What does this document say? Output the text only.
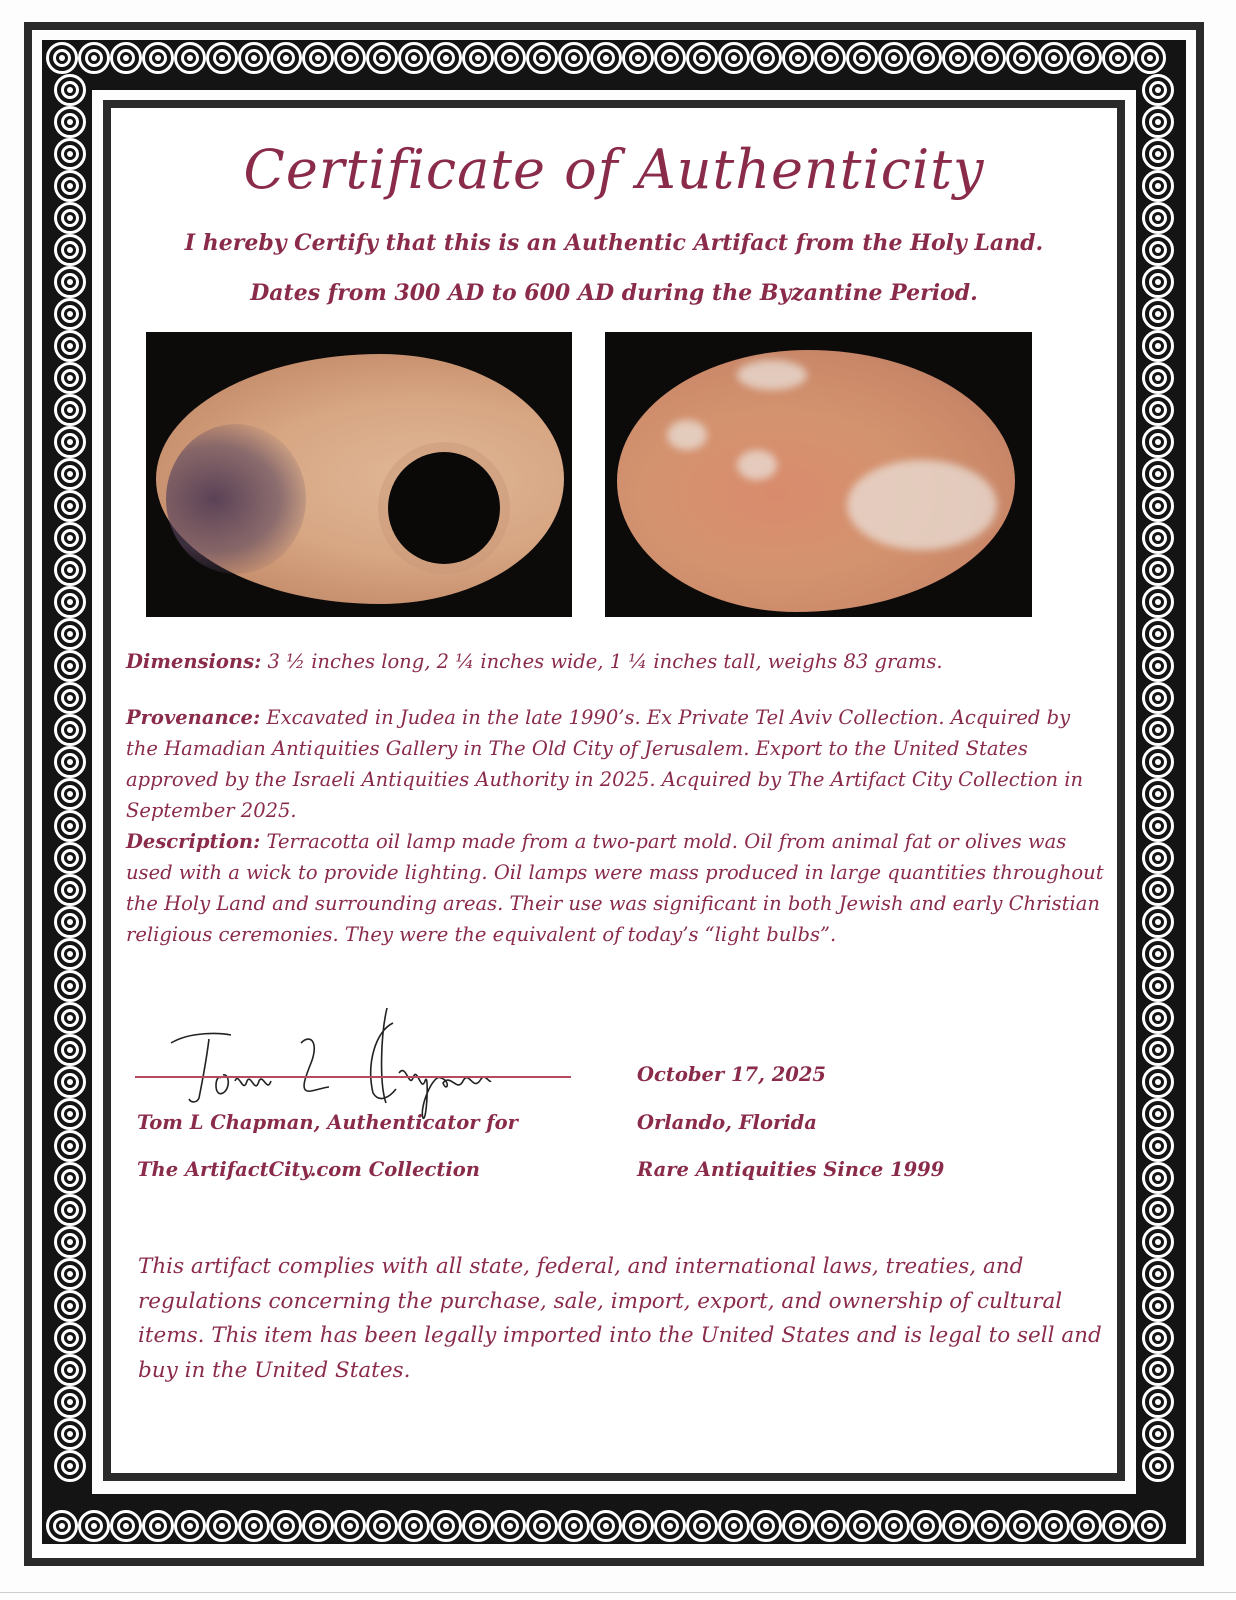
Certificate of Authenticity
I hereby Certify that this is an Authentic Artifact from the Holy Land.
Dates from 300 AD to 600 AD during the Byzantine Period.
Dimensions: 3 ½ inches long, 2 ¼ inches wide, 1 ¼ inches tall, weighs 83 grams.
Provenance: Excavated in Judea in the late 1990’s. Ex Private Tel Aviv Collection. Acquired by the Hamadian Antiquities Gallery in The Old City of Jerusalem. Export to the United States approved by the Israeli Antiquities Authority in 2025. Acquired by The Artifact City Collection in September 2025.
Description: Terracotta oil lamp made from a two-part mold. Oil from animal fat or olives was used with a wick to provide lighting. Oil lamps were mass produced in large quantities throughout the Holy Land and surrounding areas. Their use was significant in both Jewish and early Christian religious ceremonies. They were the equivalent of today’s “light bulbs”.
Tom L Chapman, Authenticator for
The ArtifactCity.com Collection
October 17, 2025
Orlando, Florida
Rare Antiquities Since 1999
This artifact complies with all state, federal, and international laws, treaties, and regulations concerning the purchase, sale, import, export, and ownership of cultural items. This item has been legally imported into the United States and is legal to sell and buy in the United States.
